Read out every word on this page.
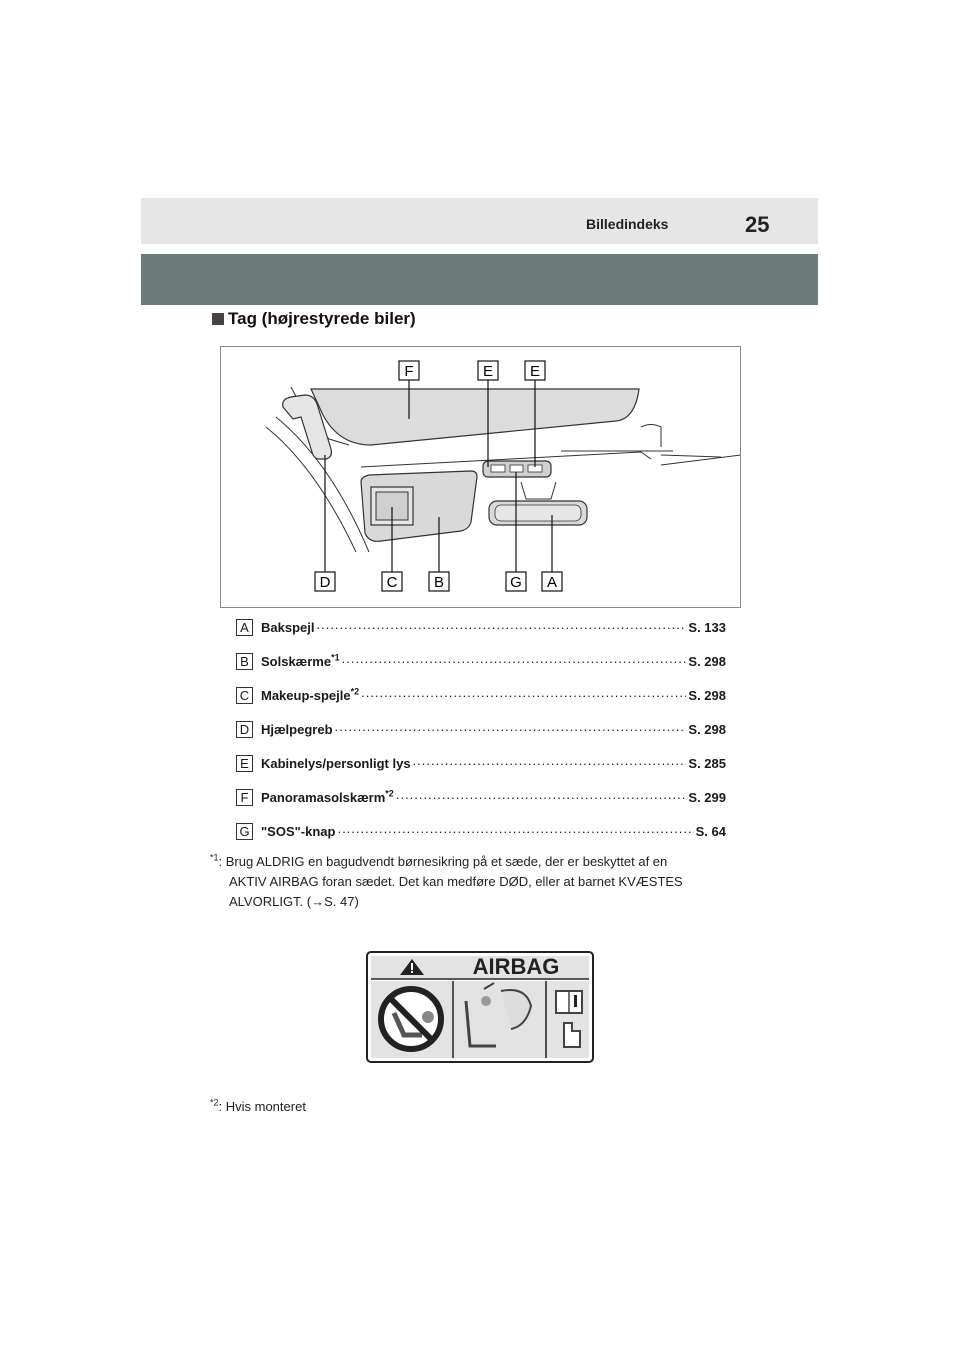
Billedindeks	25
Tag (højrestyrede biler)
F	E E
D	C B	G A
A Bakspejl .....	S. 133
B Solskærme$^{*1}$ .....	S. 298
C Makeup-spejle$^{*2}$ .....	S. 298
D Hjælpegreb .....	S. 298
E Kabinelys/personligt lys .....	S. 285
F Panoramasolskærm$^{*2}$ .....	S. 299
G "SOS"-knap .....	S. 64
$^{*1}$: Brug ALDRIG en bagudvendt børnesikring på et sæde, der er beskyttet af en
AKTIV AIRBAG foran sædet. Det kan medføre DØD, eller at barnet KVÆSTES
ALVORLIGT. (→S. 47)
AIRBAG
$^{*2}$: Hvis monteret
